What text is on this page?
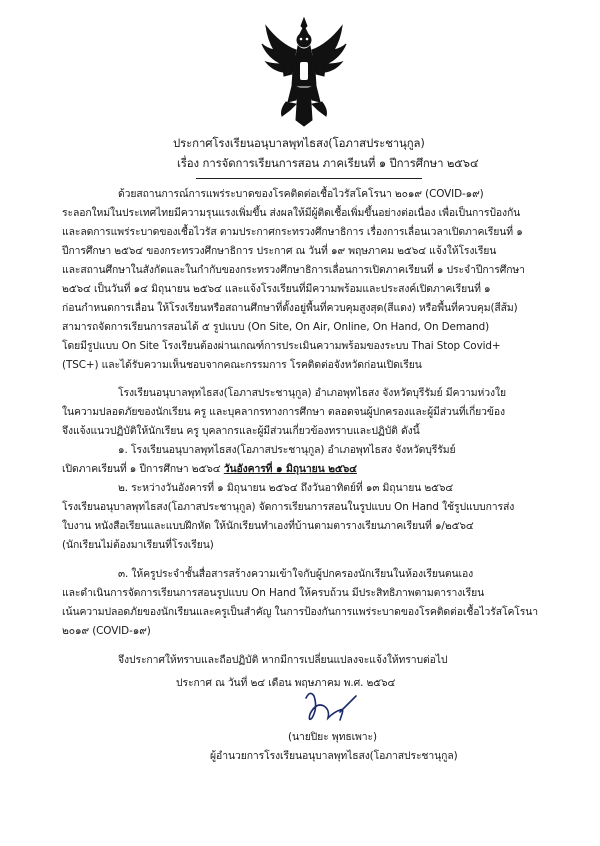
ประกาศโรงเรียนอนุบาลพุทไธสง(โอภาสประชานุกูล)
เรื่อง การจัดการเรียนการสอน ภาคเรียนที่ ๑ ปีการศึกษา ๒๕๖๔
ด้วยสถานการณ์การแพร่ระบาดของโรคติดต่อเชื้อไวรัสโคโรนา ๒๐๑๙ (COVID-๑๙)
ระลอกใหม่ในประเทศไทยมีความรุนแรงเพิ่มขึ้น ส่งผลให้มีผู้ติดเชื้อเพิ่มขึ้นอย่างต่อเนื่อง เพื่อเป็นการป้องกัน
และลดการแพร่ระบาดของเชื้อไวรัส ตามประกาศกระทรวงศึกษาธิการ เรื่องการเลื่อนเวลาเปิดภาคเรียนที่ ๑
ปีการศึกษา ๒๕๖๔ ของกระทรวงศึกษาธิการ ประกาศ ณ วันที่ ๑๙ พฤษภาคม ๒๕๖๔ แจ้งให้โรงเรียน
และสถานศึกษาในสังกัดและในกำกับของกระทรวงศึกษาธิการเลื่อนการเปิดภาคเรียนที่ ๑ ประจำปีการศึกษา
๒๕๖๔ เป็นวันที่ ๑๔ มิถุนายน ๒๕๖๔ และแจ้งโรงเรียนที่มีความพร้อมและประสงค์เปิดภาคเรียนที่ ๑
ก่อนกำหนดการเลื่อน ให้โรงเรียนหรือสถานศึกษาที่ตั้งอยู่พื้นที่ควบคุมสูงสุด(สีแดง) หรือพื้นที่ควบคุม(สีส้ม)
สามารถจัดการเรียนการสอนได้ ๕ รูปแบบ (On Site, On Air, Online, On Hand, On Demand)
โดยมีรูปแบบ On Site โรงเรียนต้องผ่านเกณฑ์การประเมินความพร้อมของระบบ Thai Stop Covid+
(TSC+) และได้รับความเห็นชอบจากคณะกรรมการ โรคติดต่อจังหวัดก่อนเปิดเรียน
โรงเรียนอนุบาลพุทไธสง(โอภาสประชานุกูล) อำเภอพุทไธสง จังหวัดบุรีรัมย์ มีความห่วงใย
ในความปลอดภัยของนักเรียน ครู และบุคลากรทางการศึกษา ตลอดจนผู้ปกครองและผู้มีส่วนที่เกี่ยวข้อง
จึงแจ้งแนวปฏิบัติให้นักเรียน ครู บุคลากรและผู้มีส่วนเกี่ยวข้องทราบและปฏิบัติ ดังนี้
๑. โรงเรียนอนุบาลพุทไธสง(โอภาสประชานุกูล) อำเภอพุทไธสง จังหวัดบุรีรัมย์
เปิดภาคเรียนที่ ๑ ปีการศึกษา ๒๕๖๔ วันอังคารที่ ๑ มิถุนายน ๒๕๖๔
๒. ระหว่างวันอังคารที่ ๑ มิถุนายน ๒๕๖๔ ถึงวันอาทิตย์ที่ ๑๓ มิถุนายน ๒๕๖๔
โรงเรียนอนุบาลพุทไธสง(โอภาสประชานุกูล) จัดการเรียนการสอนในรูปแบบ On Hand ใช้รูปแบบการส่ง
ใบงาน หนังสือเรียนและแบบฝึกหัด ให้นักเรียนทำเองที่บ้านตามตารางเรียนภาคเรียนที่ ๑/๒๕๖๔
(นักเรียนไม่ต้องมาเรียนที่โรงเรียน)
๓. ให้ครูประจำชั้นสื่อสารสร้างความเข้าใจกับผู้ปกครองนักเรียนในห้องเรียนตนเอง
และดำเนินการจัดการเรียนการสอนรูปแบบ On Hand ให้ครบถ้วน มีประสิทธิภาพตามตารางเรียน
เน้นความปลอดภัยของนักเรียนและครูเป็นสำคัญ ในการป้องกันการแพร่ระบาดของโรคติดต่อเชื้อไวรัสโคโรนา
๒๐๑๙ (COVID-๑๙)
จึงประกาศให้ทราบและถือปฏิบัติ หากมีการเปลี่ยนแปลงจะแจ้งให้ทราบต่อไป
ประกาศ ณ วันที่ ๒๔ เดือน พฤษภาคม พ.ศ. ๒๕๖๔
(นายปิยะ พุทธเพาะ)
ผู้อำนวยการโรงเรียนอนุบาลพุทไธสง(โอภาสประชานุกูล)
